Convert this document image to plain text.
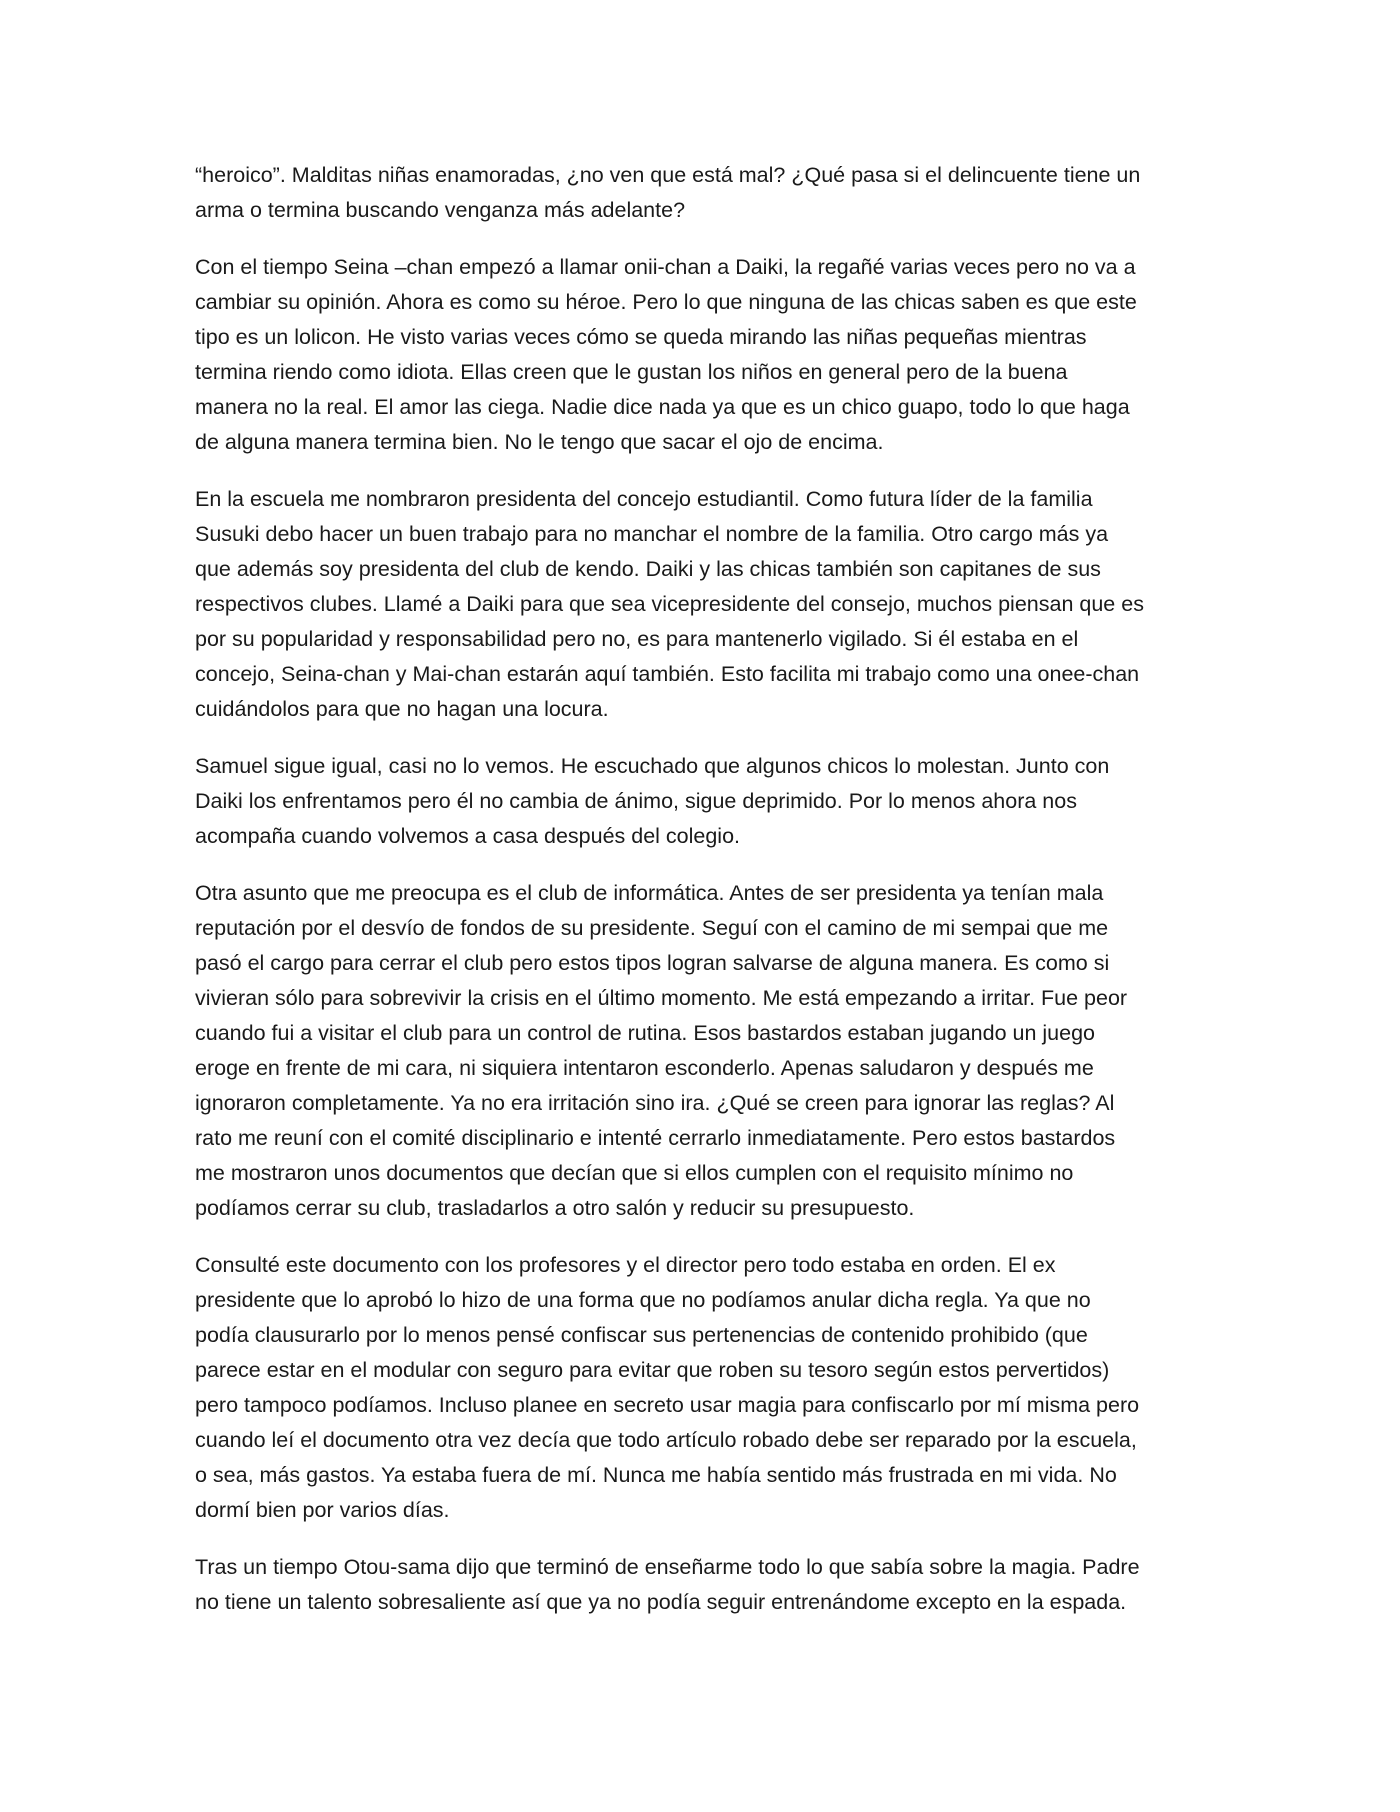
“heroico”. Malditas niñas enamoradas, ¿no ven que está mal? ¿Qué pasa si el delincuente tiene un
arma o termina buscando venganza más adelante?

Con el tiempo Seina –chan empezó a llamar onii-chan a Daiki, la regañé varias veces pero no va a
cambiar su opinión. Ahora es como su héroe. Pero lo que ninguna de las chicas saben es que este
tipo es un lolicon. He visto varias veces cómo se queda mirando las niñas pequeñas mientras
termina riendo como idiota. Ellas creen que le gustan los niños en general pero de la buena
manera no la real. El amor las ciega. Nadie dice nada ya que es un chico guapo, todo lo que haga
de alguna manera termina bien. No le tengo que sacar el ojo de encima.

En la escuela me nombraron presidenta del concejo estudiantil. Como futura líder de la familia
Susuki debo hacer un buen trabajo para no manchar el nombre de la familia. Otro cargo más ya
que además soy presidenta del club de kendo. Daiki y las chicas también son capitanes de sus
respectivos clubes. Llamé a Daiki para que sea vicepresidente del consejo, muchos piensan que es
por su popularidad y responsabilidad pero no, es para mantenerlo vigilado. Si él estaba en el
concejo, Seina-chan y Mai-chan estarán aquí también. Esto facilita mi trabajo como una onee-chan
cuidándolos para que no hagan una locura.

Samuel sigue igual, casi no lo vemos. He escuchado que algunos chicos lo molestan. Junto con
Daiki los enfrentamos pero él no cambia de ánimo, sigue deprimido. Por lo menos ahora nos
acompaña cuando volvemos a casa después del colegio.

Otra asunto que me preocupa es el club de informática. Antes de ser presidenta ya tenían mala
reputación por el desvío de fondos de su presidente. Seguí con el camino de mi sempai que me
pasó el cargo para cerrar el club pero estos tipos logran salvarse de alguna manera. Es como si
vivieran sólo para sobrevivir la crisis en el último momento. Me está empezando a irritar. Fue peor
cuando fui a visitar el club para un control de rutina. Esos bastardos estaban jugando un juego
eroge en frente de mi cara, ni siquiera intentaron esconderlo. Apenas saludaron y después me
ignoraron completamente. Ya no era irritación sino ira. ¿Qué se creen para ignorar las reglas? Al
rato me reuní con el comité disciplinario e intenté cerrarlo inmediatamente. Pero estos bastardos
me mostraron unos documentos que decían que si ellos cumplen con el requisito mínimo no
podíamos cerrar su club, trasladarlos a otro salón y reducir su presupuesto.

Consulté este documento con los profesores y el director pero todo estaba en orden. El ex
presidente que lo aprobó lo hizo de una forma que no podíamos anular dicha regla. Ya que no
podía clausurarlo por lo menos pensé confiscar sus pertenencias de contenido prohibido (que
parece estar en el modular con seguro para evitar que roben su tesoro según estos pervertidos)
pero tampoco podíamos. Incluso planee en secreto usar magia para confiscarlo por mí misma pero
cuando leí el documento otra vez decía que todo artículo robado debe ser reparado por la escuela,
o sea, más gastos. Ya estaba fuera de mí. Nunca me había sentido más frustrada en mi vida. No
dormí bien por varios días.

Tras un tiempo Otou-sama dijo que terminó de enseñarme todo lo que sabía sobre la magia. Padre
no tiene un talento sobresaliente así que ya no podía seguir entrenándome excepto en la espada.
